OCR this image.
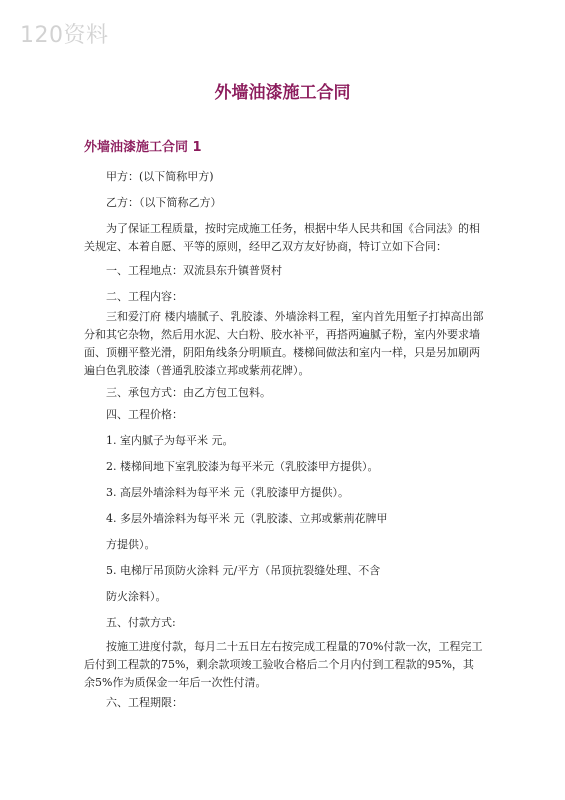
120资料
外墙油漆施工合同
外墙油漆施工合同 1

甲方：(以下简称甲方)

乙方：（以下简称乙方）

为了保证工程质量，按时完成施工任务，根据中华人民共和国《合同法》的相关规定、本着自愿、平等的原则，经甲乙双方友好协商，特订立如下合同：

一、工程地点：双流县东升镇普贤村

二、工程内容：

三和爱汀府 楼内墙腻子、乳胶漆、外墙涂料工程，室内首先用堑子打掉高出部分和其它杂物，然后用水泥、大白粉、胶水补平，再搭两遍腻子粉，室内外要求墙面、顶棚平整光滑，阴阳角线条分明顺直。楼梯间做法和室内一样，只是另加刷两遍白色乳胶漆（普通乳胶漆立邦或紫荊花牌）。

三、承包方式：由乙方包工包料。

四、工程价格：

1. 室内腻子为每平米 元。

2. 楼梯间地下室乳胶漆为每平米元（乳胶漆甲方提供）。

3. 高层外墙涂料为每平米 元（乳胶漆甲方提供）。

4. 多层外墙涂料为每平米 元（乳胶漆、立邦或紫荊花牌甲

方提供）。

5. 电梯厅吊顶防火涂料 元/平方（吊顶抗裂缝处理、不含

防火涂料）。

五、付款方式:

按施工进度付款，每月二十五日左右按完成工程量的70%付款一次，工程完工后付到工程款的75%，剩余款项竣工验收合格后二个月内付到工程款的95%，其余5%作为质保金一年后一次性付清。

六、工程期限：
